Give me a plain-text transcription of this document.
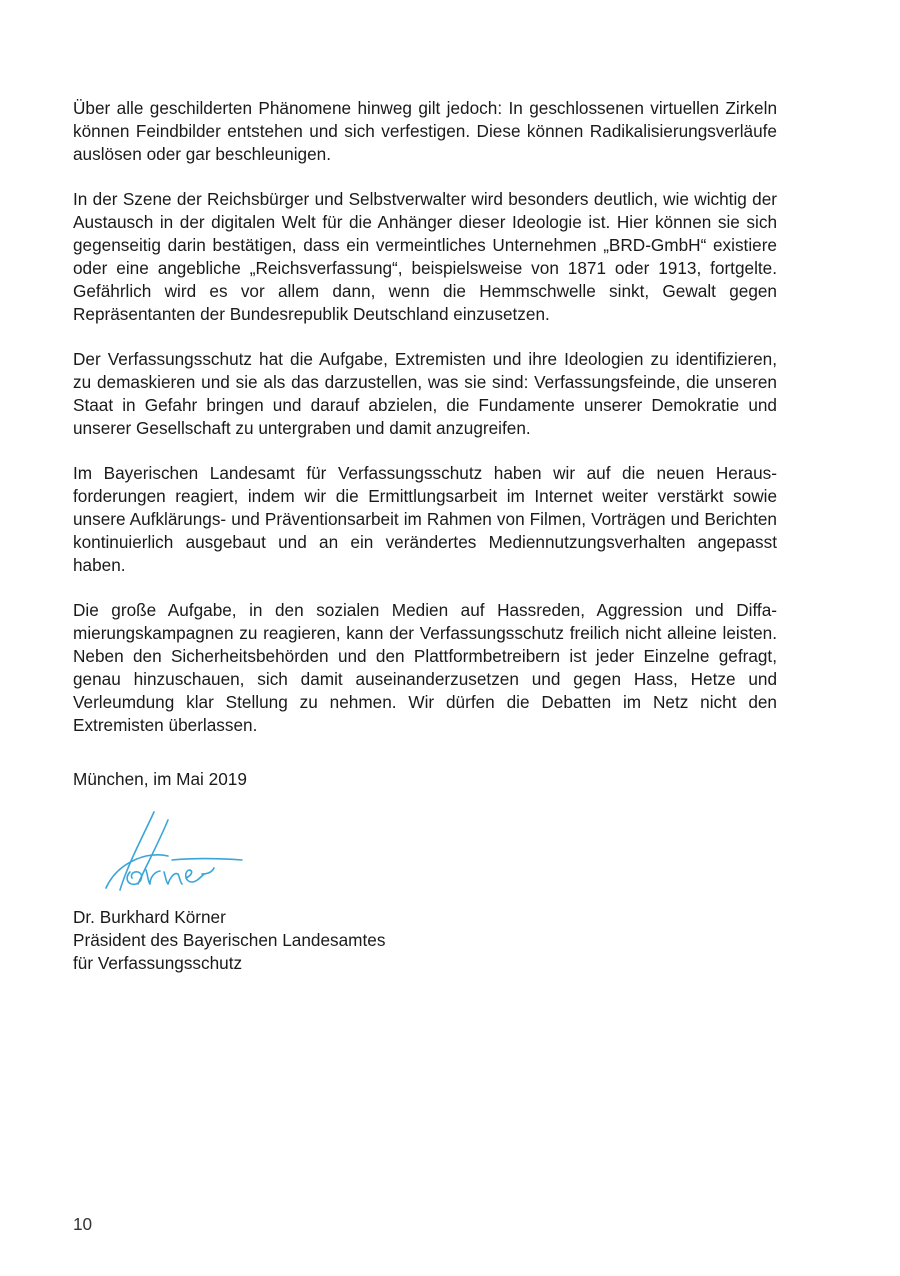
Über alle geschilderten Phänomene hinweg gilt jedoch: In geschlossenen virtuellen Zirkeln können Feindbilder entstehen und sich verfestigen. Diese können Radikalisierungsverläufe auslösen oder gar beschleunigen.

In der Szene der Reichsbürger und Selbstverwalter wird besonders deutlich, wie wichtig der Austausch in der digitalen Welt für die Anhänger dieser Ideologie ist. Hier können sie sich gegenseitig darin bestätigen, dass ein vermeintliches Unternehmen „BRD-GmbH“ existiere oder eine angebliche „Reichsverfassung“, beispielsweise von 1871 oder 1913, fortgelte. Gefährlich wird es vor allem dann, wenn die Hemmschwelle sinkt, Gewalt gegen Repräsentanten der Bundesrepublik Deutschland einzusetzen.

Der Verfassungsschutz hat die Aufgabe, Extremisten und ihre Ideologien zu identifizieren, zu demaskieren und sie als das darzustellen, was sie sind: Verfassungsfeinde, die unseren Staat in Gefahr bringen und darauf abzielen, die Fundamente unserer Demokratie und unserer Gesellschaft zu untergraben und damit anzugreifen.

Im Bayerischen Landesamt für Verfassungsschutz haben wir auf die neuen Herausforderungen reagiert, indem wir die Ermittlungsarbeit im Internet weiter verstärkt sowie unsere Aufklärungs- und Präventionsarbeit im Rahmen von Filmen, Vorträgen und Berichten kontinuierlich ausgebaut und an ein verändertes Mediennutzungsverhalten angepasst haben.

Die große Aufgabe, in den sozialen Medien auf Hassreden, Aggression und Diffamierungskampagnen zu reagieren, kann der Verfassungsschutz freilich nicht alleine leisten. Neben den Sicherheitsbehörden und den Plattformbetreibern ist jeder Einzelne gefragt, genau hinzuschauen, sich damit auseinanderzusetzen und gegen Hass, Hetze und Verleumdung klar Stellung zu nehmen. Wir dürfen die Debatten im Netz nicht den Extremisten überlassen.

München, im Mai 2019
Dr. Burkhard Körner
Präsident des Bayerischen Landesamtes
für Verfassungsschutz
10
